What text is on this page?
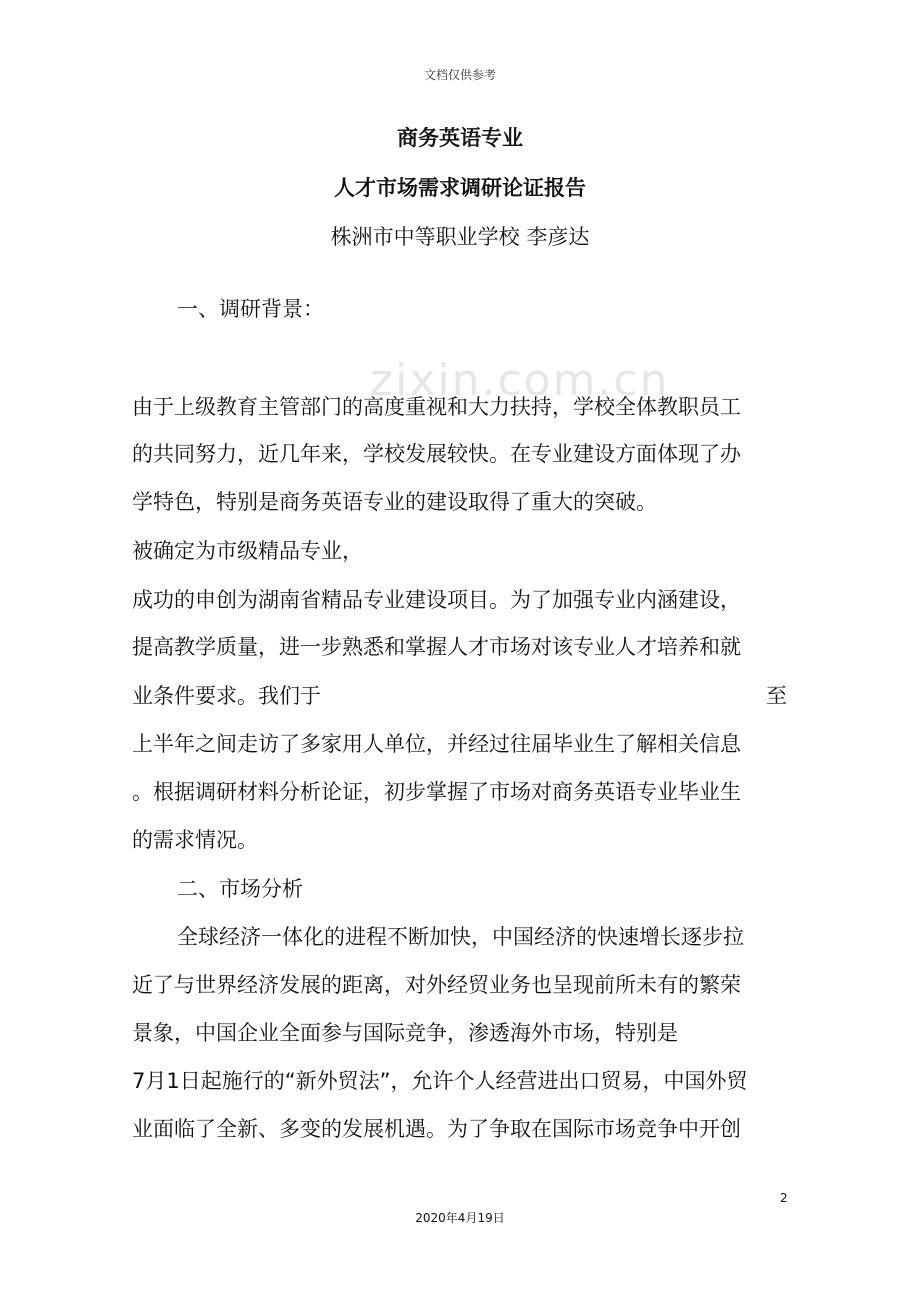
文档仅供参考
zixin.com.cn
商务英语专业
人才市场需求调研论证报告
株洲市中等职业学校 李彦达
一、调研背景：
由于上级教育主管部门的高度重视和大力扶持，学校全体教职员工
的共同努力，近几年来，学校发展较快。在专业建设方面体现了办
学特色，特别是商务英语专业的建设取得了重大的突破。
被确定为市级精品专业，
成功的申创为湖南省精品专业建设项目。为了加强专业内涵建设，
提高教学质量，进一步熟悉和掌握人才市场对该专业人才培养和就
业条件要求。我们于	至
上半年之间走访了多家用人单位，并经过往届毕业生了解相关信息
。根据调研材料分析论证，初步掌握了市场对商务英语专业毕业生
的需求情况。
二、市场分析
全球经济一体化的进程不断加快，中国经济的快速增长逐步拉
近了与世界经济发展的距离，对外经贸业务也呈现前所未有的繁荣
景象，中国企业全面参与国际竞争，渗透海外市场，特别是
7月1日起施行的“新外贸法”，允许个人经营进出口贸易，中国外贸
业面临了全新、多变的发展机遇。为了争取在国际市场竞争中开创
2
2020年4月19日
